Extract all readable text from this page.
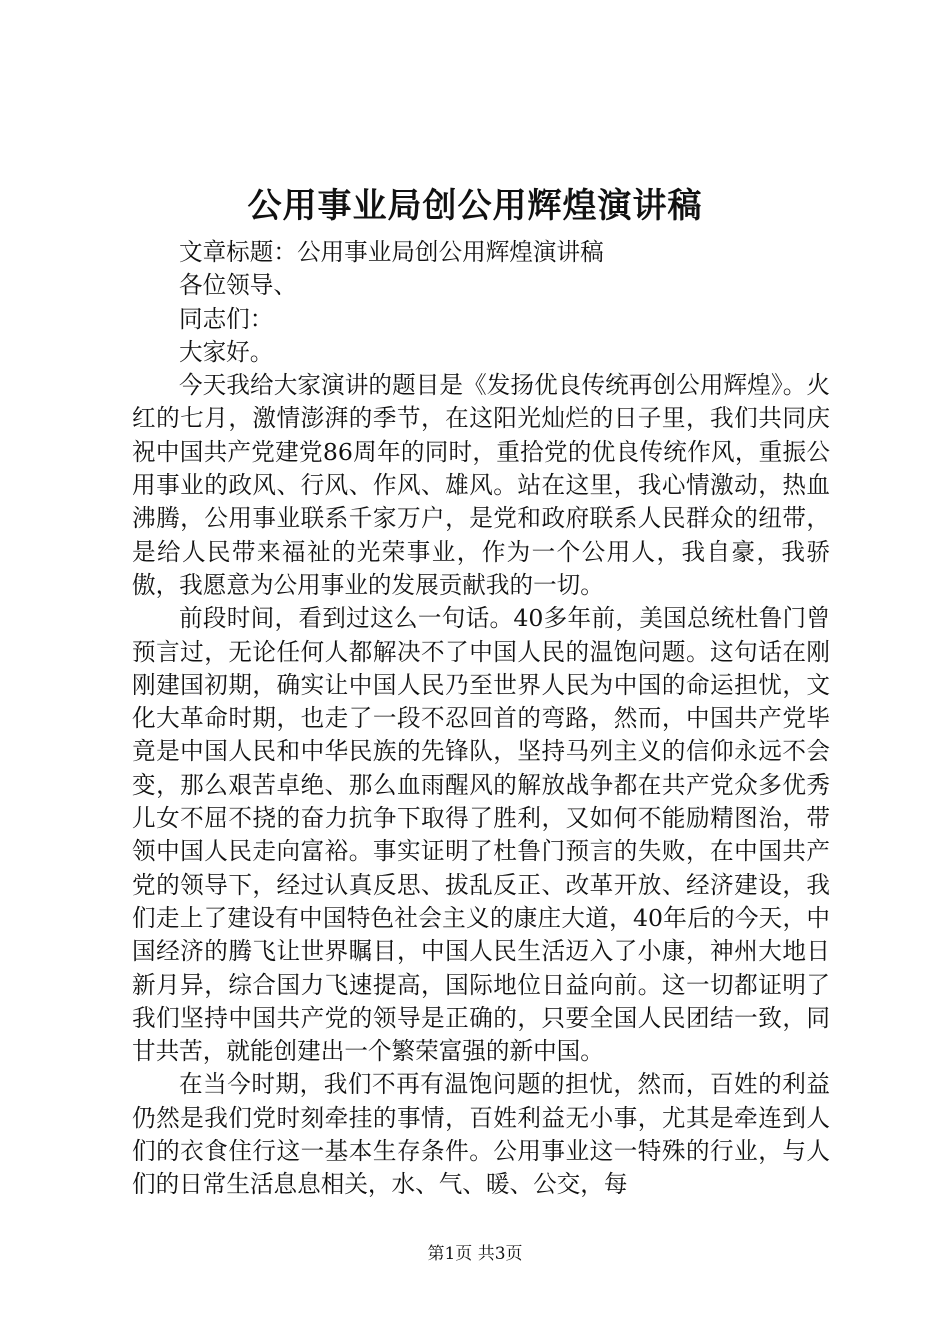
公用事业局创公用辉煌演讲稿

文章标题：公用事业局创公用辉煌演讲稿

各位领导、

同志们：

大家好。

今天我给大家演讲的题目是《发扬优良传统再创公用辉煌》。火红的七月，激情澎湃的季节，在这阳光灿烂的日子里，我们共同庆祝中国共产党建党86周年的同时，重拾党的优良传统作风，重振公用事业的政风、行风、作风、雄风。站在这里，我心情激动，热血沸腾，公用事业联系千家万户，是党和政府联系人民群众的纽带，是给人民带来福祉的光荣事业，作为一个公用人，我自豪，我骄傲，我愿意为公用事业的发展贡献我的一切。

前段时间，看到过这么一句话。40多年前，美国总统杜鲁门曾预言过，无论任何人都解决不了中国人民的温饱问题。这句话在刚刚建国初期，确实让中国人民乃至世界人民为中国的命运担忧，文化大革命时期，也走了一段不忍回首的弯路，然而，中国共产党毕竟是中国人民和中华民族的先锋队，坚持马列主义的信仰永远不会变，那么艰苦卓绝、那么血雨醒风的解放战争都在共产党众多优秀儿女不屈不挠的奋力抗争下取得了胜利，又如何不能励精图治，带领中国人民走向富裕。事实证明了杜鲁门预言的失败，在中国共产党的领导下，经过认真反思、拔乱反正、改革开放、经济建设，我们走上了建设有中国特色社会主义的康庄大道，40年后的今天，中国经济的腾飞让世界瞩目，中国人民生活迈入了小康，神州大地日新月异，综合国力飞速提高，国际地位日益向前。这一切都证明了我们坚持中国共产党的领导是正确的，只要全国人民团结一致，同甘共苦，就能创建出一个繁荣富强的新中国。

在当今时期，我们不再有温饱问题的担忧，然而，百姓的利益仍然是我们党时刻牵挂的事情，百姓利益无小事，尤其是牵连到人们的衣食住行这一基本生存条件。公用事业这一特殊的行业，与人们的日常生活息息相关，水、气、暖、公交，每

第1页 共3页
